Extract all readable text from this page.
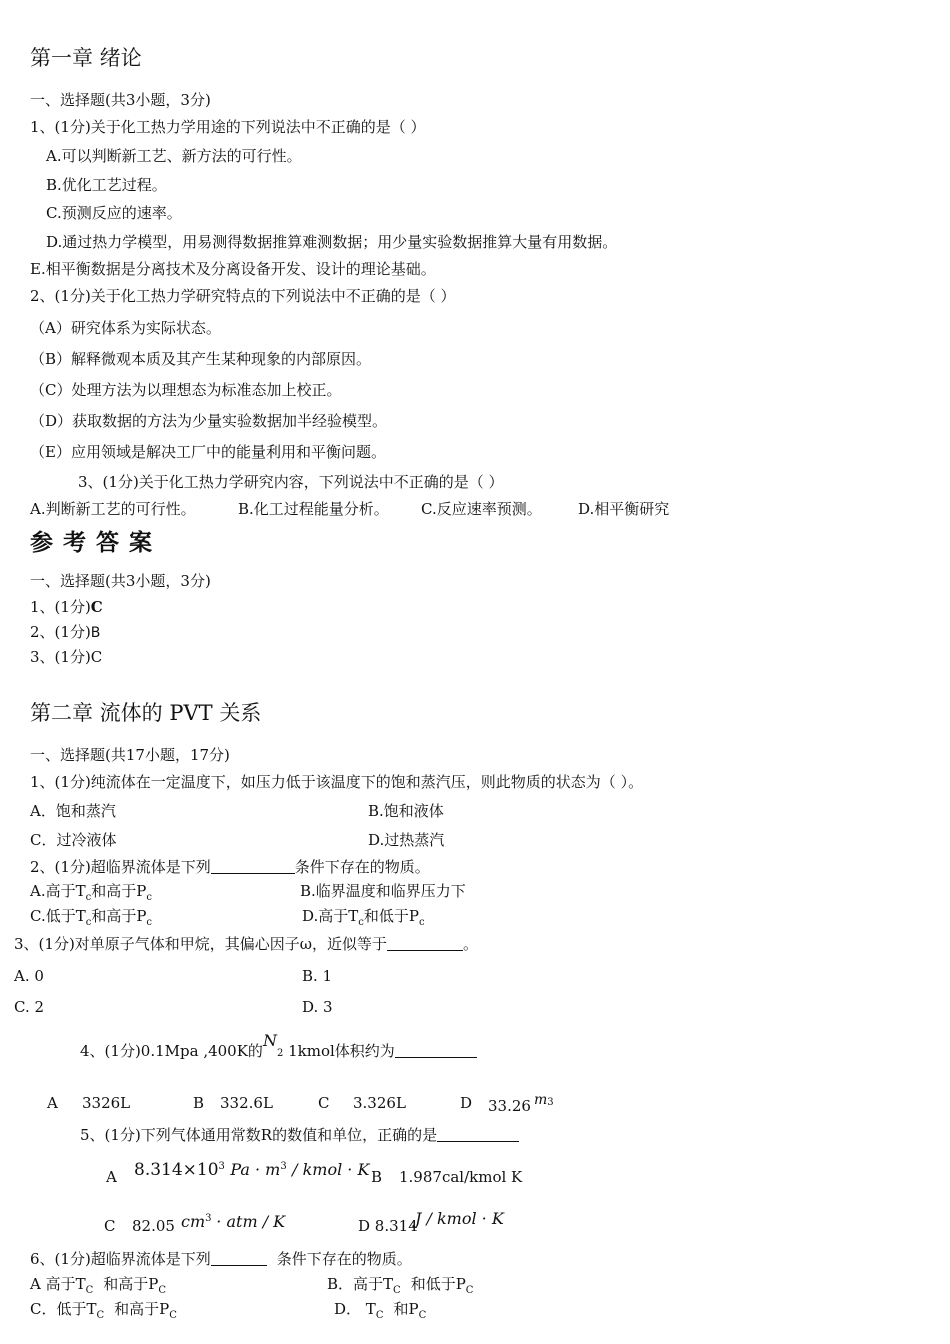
第一章 绪论
一、选择题(共3小题，3分)
1、(1分)关于化工热力学用途的下列说法中不正确的是（ ）
A.可以判断新工艺、新方法的可行性。
B.优化工艺过程。
C.预测反应的速率。
D.通过热力学模型，用易测得数据推算难测数据；用少量实验数据推算大量有用数据。
E.相平衡数据是分离技术及分离设备开发、设计的理论基础。
2、(1分)关于化工热力学研究特点的下列说法中不正确的是（ ）
（A）研究体系为实际状态。
（B）解释微观本质及其产生某种现象的内部原因。
（C）处理方法为以理想态为标准态加上校正。
（D）获取数据的方法为少量实验数据加半经验模型。
（E）应用领域是解决工厂中的能量利用和平衡问题。
3、(1分)关于化工热力学研究内容，下列说法中不正确的是（ ）
A.判断新工艺的可行性。	B.化工过程能量分析。 C.反应速率预测。 D.相平衡研究
参考答案
一、选择题(共3小题，3分)
1、(1分)C
2、(1分)B
3、(1分)C
第二章 流体的 PVT 关系
一、选择题(共17小题，17分)
1、(1分)纯流体在一定温度下，如压力低于该温度下的饱和蒸汽压，则此物质的状态为（ ）。
A．饱和蒸汽	B.饱和液体
C．过冷液体	D.过热蒸汽
2、(1分)超临界流体是下列	条件下存在的物质。
A.高于$T_c$和高于$P_c$	B.临界温度和临界压力下
C.低于$T_c$和高于$P_c$	D.高于$T_c$和低于$P_c$
3、(1分)对单原子气体和甲烷，其偏心因子ω，近似等于	。
A. 0	B. 1
C. 2	D. 3
4、(1分)0.1Mpa ,400K的N2 1kmol体积约为
A 3326L	B 332.6L	C 3.326L	D 33.26 $m^3$
5、(1分)下列气体通用常数R的数值和单位，正确的是
A $8.314\times 10^3$ $Pa \cdot m^3$ / kmol · K B 1.987cal/kmol K
C 82.05 $cm^3$ · atm / K	D 8.314
J / kmol · K
6、(1分)超临界流体是下列	条件下存在的物质。
A 高于$T_C$ 和高于$P_C$	B．高于$T_C$ 和低于$P_C$
C．低于$T_C$ 和高于$P_C$	D． $T_C$ 和$P_C$
